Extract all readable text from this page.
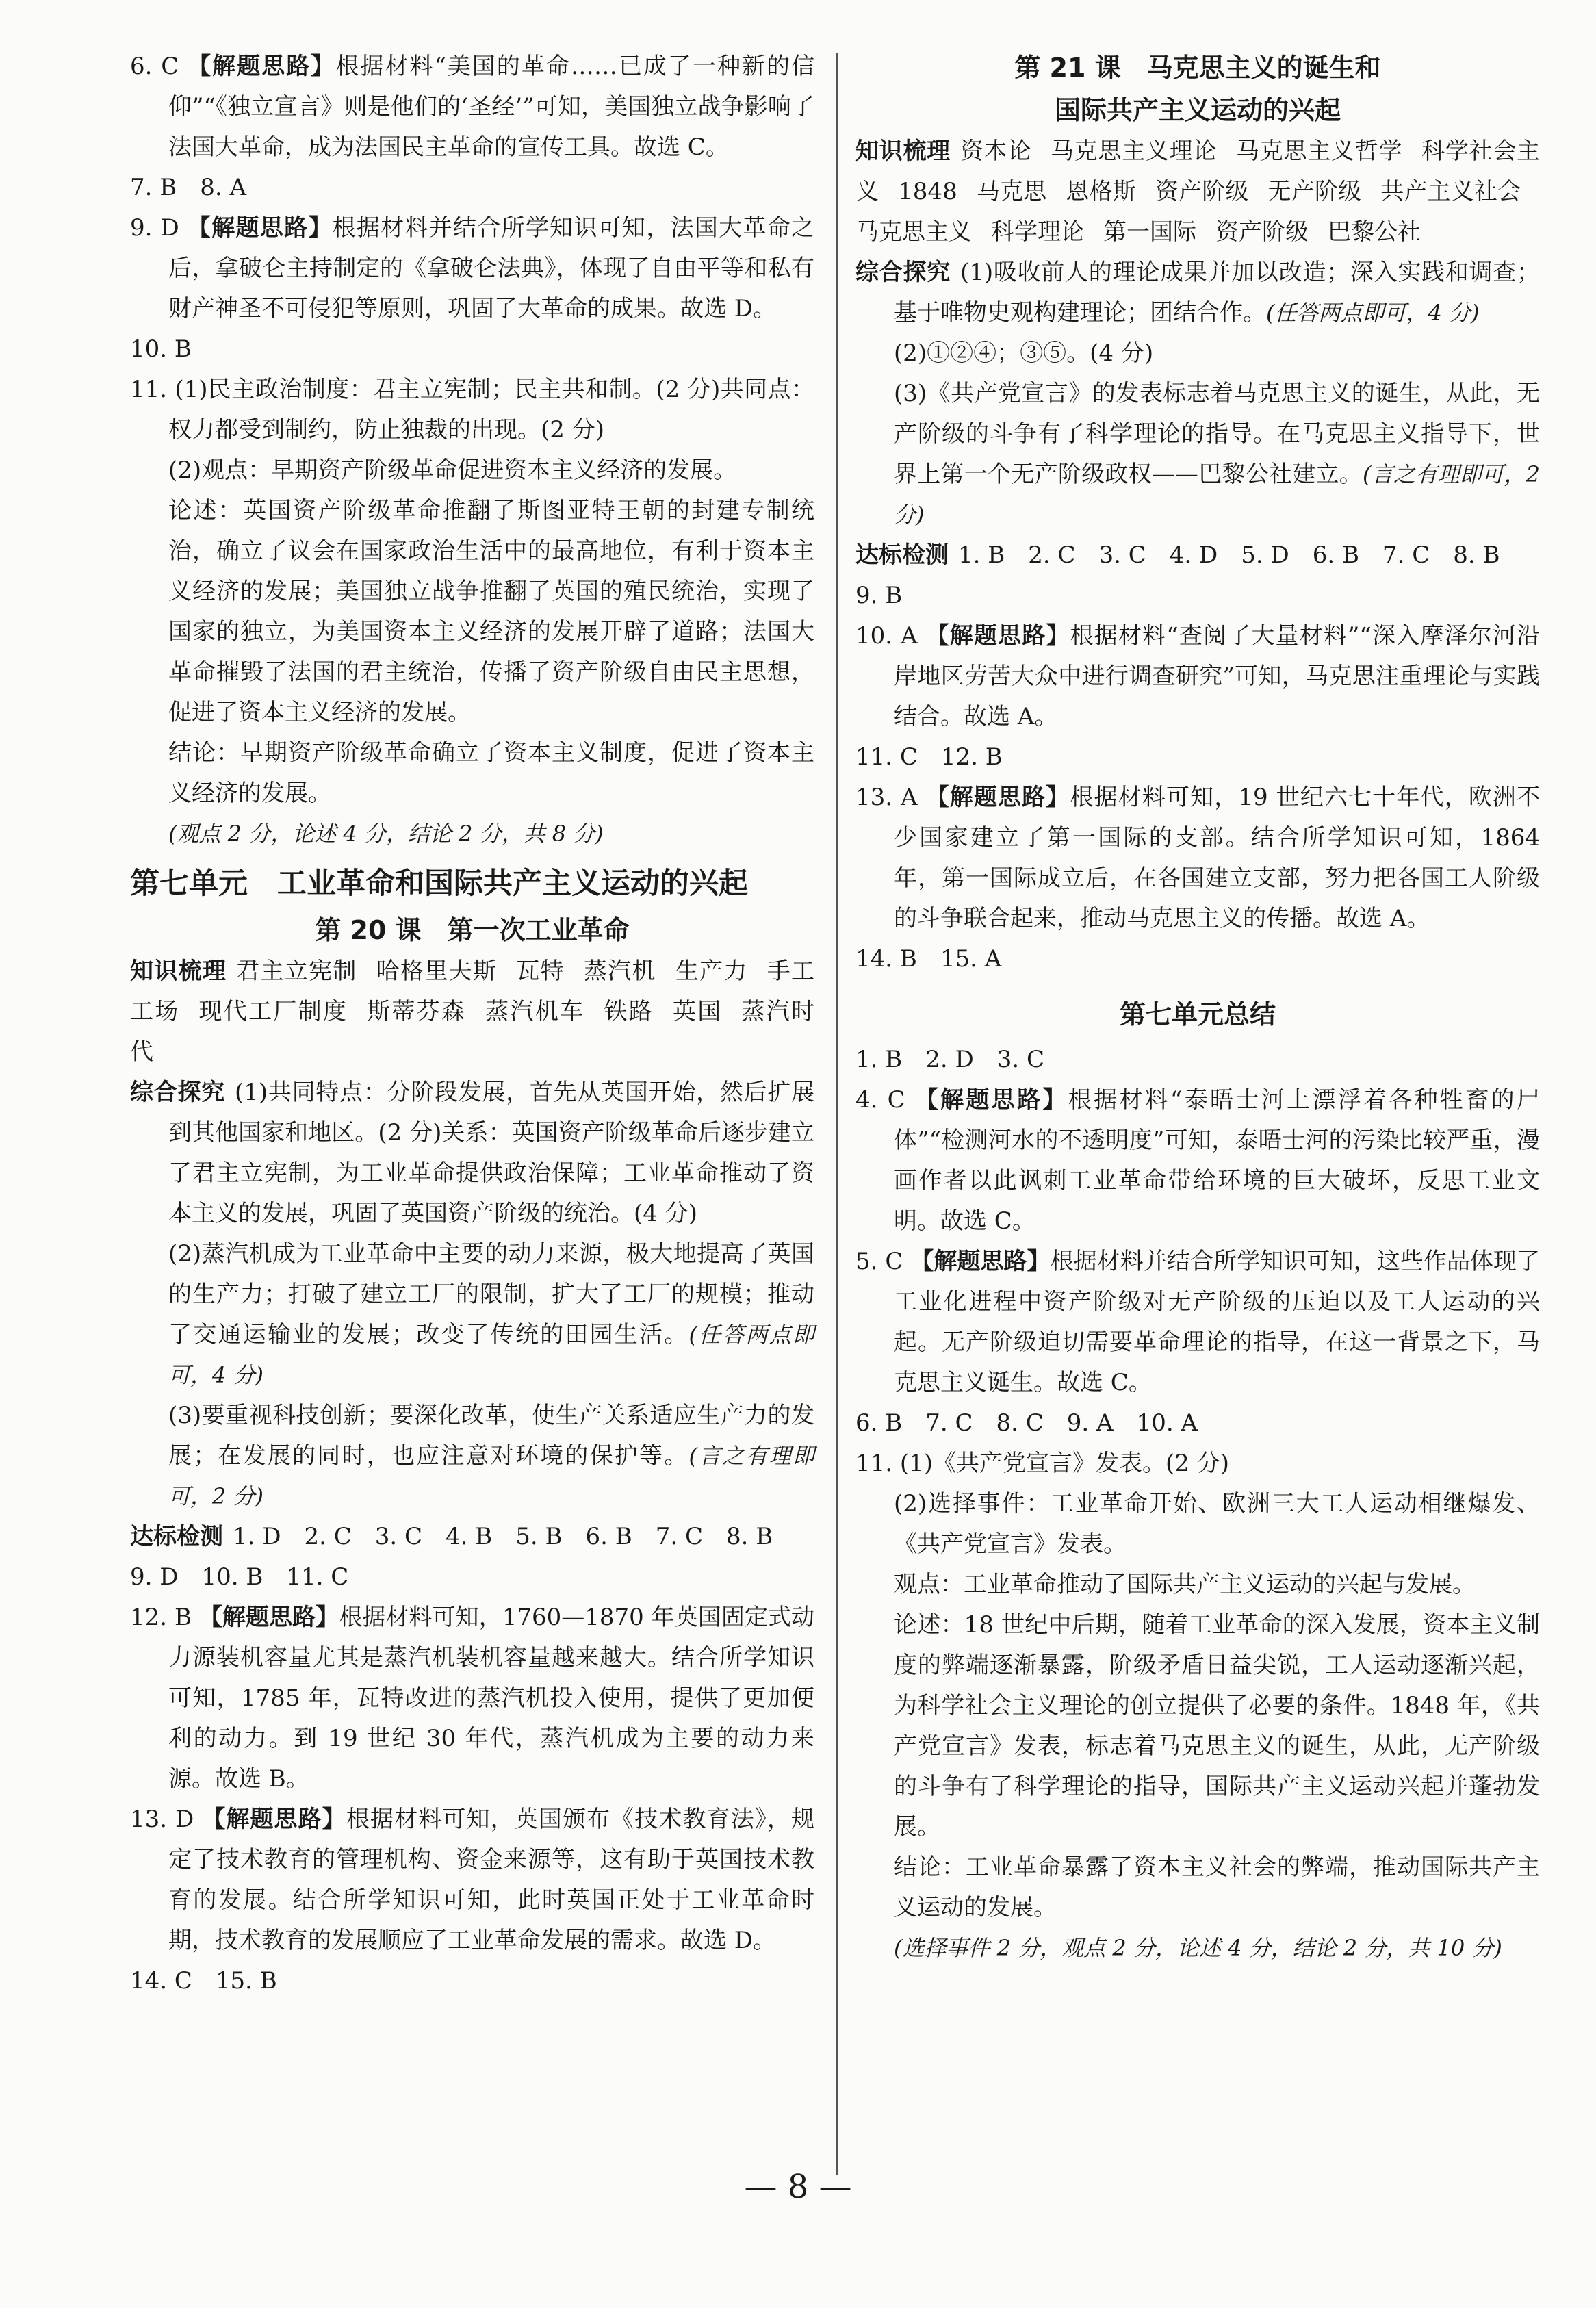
6. C 【 解题思路 】 根据材料“美国的革命……已成了一种新的信仰”“《独立宣言》则是他们的‘圣经’”可知，美国独立战争影响了法国大革命，成为法国民主革命的宣传工具。故选 C。

7. B　8. A

9. D 【 解题思路 】 根据材料并结合所学知识可知，法国大革命之后，拿破仑主持制定的《拿破仑法典》，体现了自由平等和私有财产神圣不可侵犯等原则，巩固了大革命的成果。故选 D。

10. B

11. (1)民主政治制度：君主立宪制；民主共和制。(2 分)共同点：权力都受到制约，防止独裁的出现。(2 分)

(2)观点：早期资产阶级革命促进资本主义经济的发展。

论述：英国资产阶级革命推翻了斯图亚特王朝的封建专制统治，确立了议会在国家政治生活中的最高地位，有利于资本主义经济的发展；美国独立战争推翻了英国的殖民统治，实现了国家的独立，为美国资本主义经济的发展开辟了道路；法国大革命摧毁了法国的君主统治，传播了资产阶级自由民主思想，促进了资本主义经济的发展。

结论：早期资产阶级革命确立了资本主义制度，促进了资本主义经济的发展。

(观点 2 分，论述 4 分，结论 2 分，共 8 分)

第七单元　工业革命和国际共产主义运动的兴起
第 20 课　第一次工业革命

知识梳理 君主立宪制 哈格里夫斯 瓦特 蒸汽机 生产力 手工工场 现代工厂制度 斯蒂芬森 蒸汽机车 铁路 英国 蒸汽时代

综合探究 (1)共同特点：分阶段发展，首先从英国开始，然后扩展到其他国家和地区。(2 分)关系：英国资产阶级革命后逐步建立了君主立宪制，为工业革命提供政治保障；工业革命推动了资本主义的发展，巩固了英国资产阶级的统治。(4 分)

(2)蒸汽机成为工业革命中主要的动力来源，极大地提高了英国的生产力；打破了建立工厂的限制，扩大了工厂的规模；推动了交通运输业的发展；改变了传统的田园生活。(任答两点即可，4 分)

(3)要重视科技创新；要深化改革，使生产关系适应生产力的发展；在发展的同时，也应注意对环境的保护等。(言之有理即可，2 分)

达标检测 1. D　2. C　3. C　4. B　5. B　6. B　7. C　8. B

9. D　10. B　11. C

12. B 【 解题思路 】 根据材料可知，1760—1870 年英国固定式动力源装机容量尤其是蒸汽机装机容量越来越大。结合所学知识可知，1785 年，瓦特改进的蒸汽机投入使用，提供了更加便利的动力。到 19 世纪 30 年代，蒸汽机成为主要的动力来源。故选 B。

13. D 【 解题思路 】 根据材料可知，英国颁布《技术教育法》，规定了技术教育的管理机构、资金来源等，这有助于英国技术教育的发展。结合所学知识可知，此时英国正处于工业革命时期，技术教育的发展顺应了工业革命发展的需求。故选 D。

14. C　15. B

第 21 课　马克思主义的诞生和
国际共产主义运动的兴起

知识梳理 资本论 马克思主义理论 马克思主义哲学 科学社会主义 1848 马克思 恩格斯 资产阶级 无产阶级 共产主义社会马克思主义 科学理论 第一国际 资产阶级 巴黎公社

综合探究 (1)吸收前人的理论成果并加以改造；深入实践和调查；基于唯物史观构建理论；团结合作。(任答两点即可，4 分)

(2)①②④；③⑤。(4 分)

(3)《共产党宣言》的发表标志着马克思主义的诞生，从此，无产阶级的斗争有了科学理论的指导。在马克思主义指导下，世界上第一个无产阶级政权——巴黎公社建立。(言之有理即可，2 分)

达标检测 1. B　2. C　3. C　4. D　5. D　6. B　7. C　8. B

9. B

10. A 【 解题思路 】 根据材料“查阅了大量材料”“深入摩泽尔河沿岸地区劳苦大众中进行调查研究”可知，马克思注重理论与实践结合。故选 A。

11. C　12. B

13. A 【 解题思路 】 根据材料可知，19 世纪六七十年代，欧洲不少国家建立了第一国际的支部。结合所学知识可知，1864 年，第一国际成立后，在各国建立支部，努力把各国工人阶级的斗争联合起来，推动马克思主义的传播。故选 A。

14. B　15. A

第七单元总结

1. B　2. D　3. C

4. C 【 解题思路 】 根据材料“泰晤士河上漂浮着各种牲畜的尸体”“检测河水的不透明度”可知，泰晤士河的污染比较严重，漫画作者以此讽刺工业革命带给环境的巨大破坏，反思工业文明。故选 C。

5. C 【 解题思路 】 根据材料并结合所学知识可知，这些作品体现了工业化进程中资产阶级对无产阶级的压迫以及工人运动的兴起。无产阶级迫切需要革命理论的指导，在这一背景之下，马克思主义诞生。故选 C。

6. B　7. C　8. C　9. A　10. A

11. (1)《共产党宣言》发表。(2 分)

(2)选择事件：工业革命开始、欧洲三大工人运动相继爆发、《共产党宣言》发表。

观点：工业革命推动了国际共产主义运动的兴起与发展。

论述：18 世纪中后期，随着工业革命的深入发展，资本主义制度的弊端逐渐暴露，阶级矛盾日益尖锐，工人运动逐渐兴起，为科学社会主义理论的创立提供了必要的条件。1848 年，《共产党宣言》发表，标志着马克思主义的诞生，从此，无产阶级的斗争有了科学理论的指导，国际共产主义运动兴起并蓬勃发展。

结论：工业革命暴露了资本主义社会的弊端，推动国际共产主义运动的发展。

(选择事件 2 分，观点 2 分，论述 4 分，结论 2 分，共 10 分)

— 8 —
